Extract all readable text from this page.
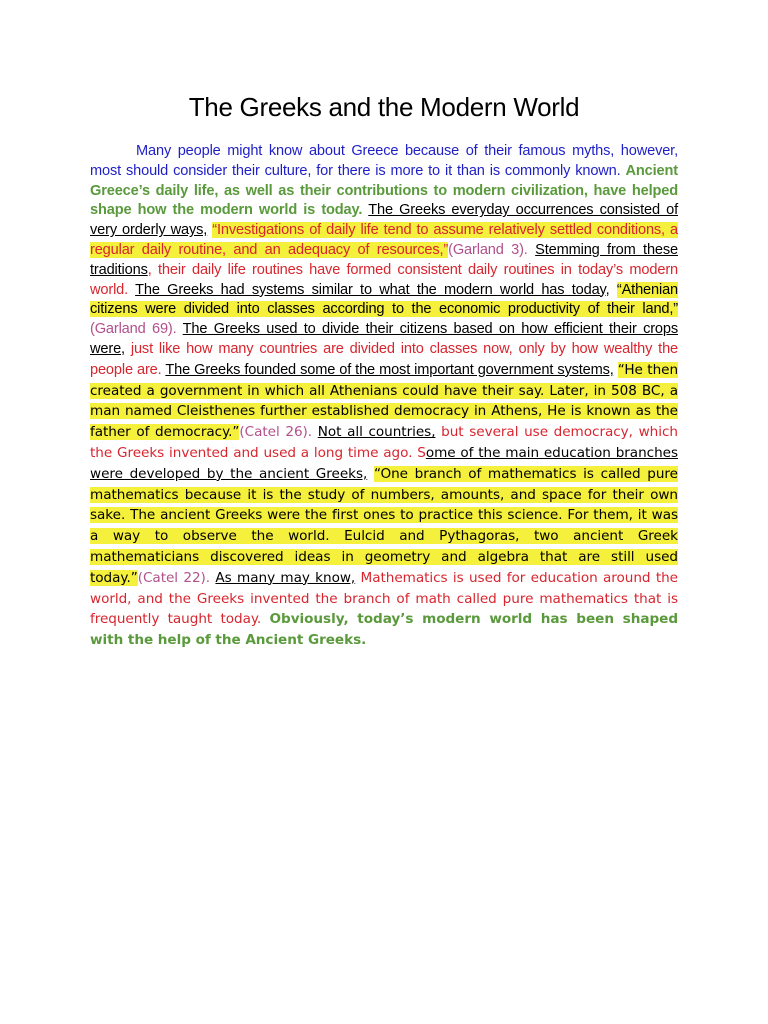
The Greeks and the Modern World

Many people might know about Greece because of their famous myths, however, most should consider their culture, for there is more to it than is commonly known. Ancient Greece’s daily life, as well as their contributions to modern civilization, have helped shape how the modern world is today. The Greeks everyday occurrences consisted of very orderly ways, “Investigations of daily life tend to assume relatively settled conditions, a regular daily routine, and an adequacy of resources,”(Garland 3). Stemming from these traditions, their daily life routines have formed consistent daily routines in today’s modern world. The Greeks had systems similar to what the modern world has today, “Athenian citizens were divided into classes according to the economic productivity of their land,” (Garland 69). The Greeks used to divide their citizens based on how efficient their crops were, just like how many countries are divided into classes now, only by how wealthy the people are. The Greeks founded some of the most important government systems, “He then created a government in which all Athenians could have their say. Later, in 508 BC, a man named Cleisthenes further established democracy in Athens, He is known as the father of democracy.”(Catel 26). Not all countries, but several use democracy, which the Greeks invented and used a long time ago. Some of the main education branches were developed by the ancient Greeks, “One branch of mathematics is called pure mathematics because it is the study of numbers, amounts, and space for their own sake. The ancient Greeks were the first ones to practice this science. For them, it was a way to observe the world. Eulcid and Pythagoras, two ancient Greek mathematicians discovered ideas in geometry and algebra that are still used today.”(Catel 22). As many may know, Mathematics is used for education around the world, and the Greeks invented the branch of math called pure mathematics that is frequently taught today. Obviously, today’s modern world has been shaped with the help of the Ancient Greeks.
